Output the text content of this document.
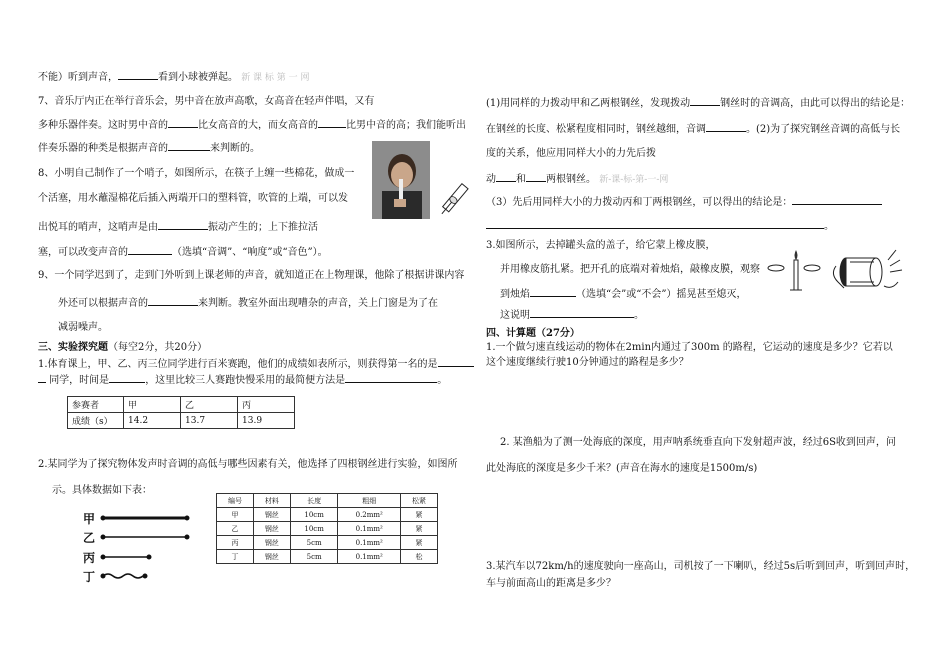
不能）听到声音，	看到小球被弹起。 新 课 标 第 一 网
7、音乐厅内正在举行音乐会，男中音在放声高歌，女高音在轻声伴唱，又有
多种乐器伴奏。这时男中音的	比女高音的大，而女高音的	比男中音的高；我们能听出
伴奏乐器的种类是根据声音的	来判断的。
8、小明自己制作了一个哨子，如图所示，在筷子上缠一些棉花，做成一
个活塞，用水蘸湿棉花后插入两端开口的塑料管，吹管的上端，可以发
出悦耳的哨声，这哨声是由	振动产生的；上下推拉活
塞，可以改变声音的	（选填“音调”、“响度”或“音色”）。
9、一个同学迟到了，走到门外听到上课老师的声音，就知道正在上物理课，他除了根据讲课内容
外还可以根据声音的	来判断。教室外面出现嘈杂的声音，关上门窗是为了在
减弱噪声。
三、实验探究题（每空2分，共20分）
1.体育课上，甲、乙、丙三位同学进行百米赛跑，他们的成绩如表所示，则获得第一名的是
同学，时间是	，这里比较三人赛跑快慢采用的最简便方法是	。
参赛者	甲	乙	丙
成绩（s）	14.2	13.7	13.9
2.某同学为了探究物体发声时音调的高低与哪些因素有关，他选择了四根钢丝进行实验，如图所
示。具体数据如下表：
甲
乙
丙
丁
编号	材料	长度	粗细	松紧
甲	钢丝	10cm	0.2mm²	紧
乙	钢丝	10cm	0.1mm²	紧
丙	钢丝	5cm	0.1mm²	紧
丁	钢丝	5cm	0.1mm²	松
(1)用同样的力拨动甲和乙两根钢丝，发现拨动	钢丝时的音调高，由此可以得出的结论是：
在钢丝的长度、松紧程度相同时，钢丝越细，音调	。(2)为了探究钢丝音调的高低与长
度的关系，他应用同样大小的力先后拨
动 和 两根钢丝。 新-课-标-第-一-网
（3）先后用同样大小的力拨动丙和丁两根钢丝，可以得出的结论是：
。
3.如图所示，去掉罐头盒的盖子，给它蒙上橡皮膜，
并用橡皮筋扎紧。把开孔的底端对着烛焰，敲橡皮膜，观察
到烛焰	（选填“会”或“不会”）摇晃甚至熄灭，
这说明	。
四、计算题（27分）
1.一个做匀速直线运动的物体在2min内通过了300m 的路程，它运动的速度是多少？它若以
这个速度继续行驶10分钟通过的路程是多少？
2. 某渔船为了测一处海底的深度，用声呐系统垂直向下发射超声波，经过6S收到回声，问
此处海底的深度是多少千米？(声音在海水的速度是1500m/s)
3.某汽车以72km/h的速度驶向一座高山，司机按了一下喇叭，经过5s后听到回声，听到回声时，
车与前面高山的距离是多少？
